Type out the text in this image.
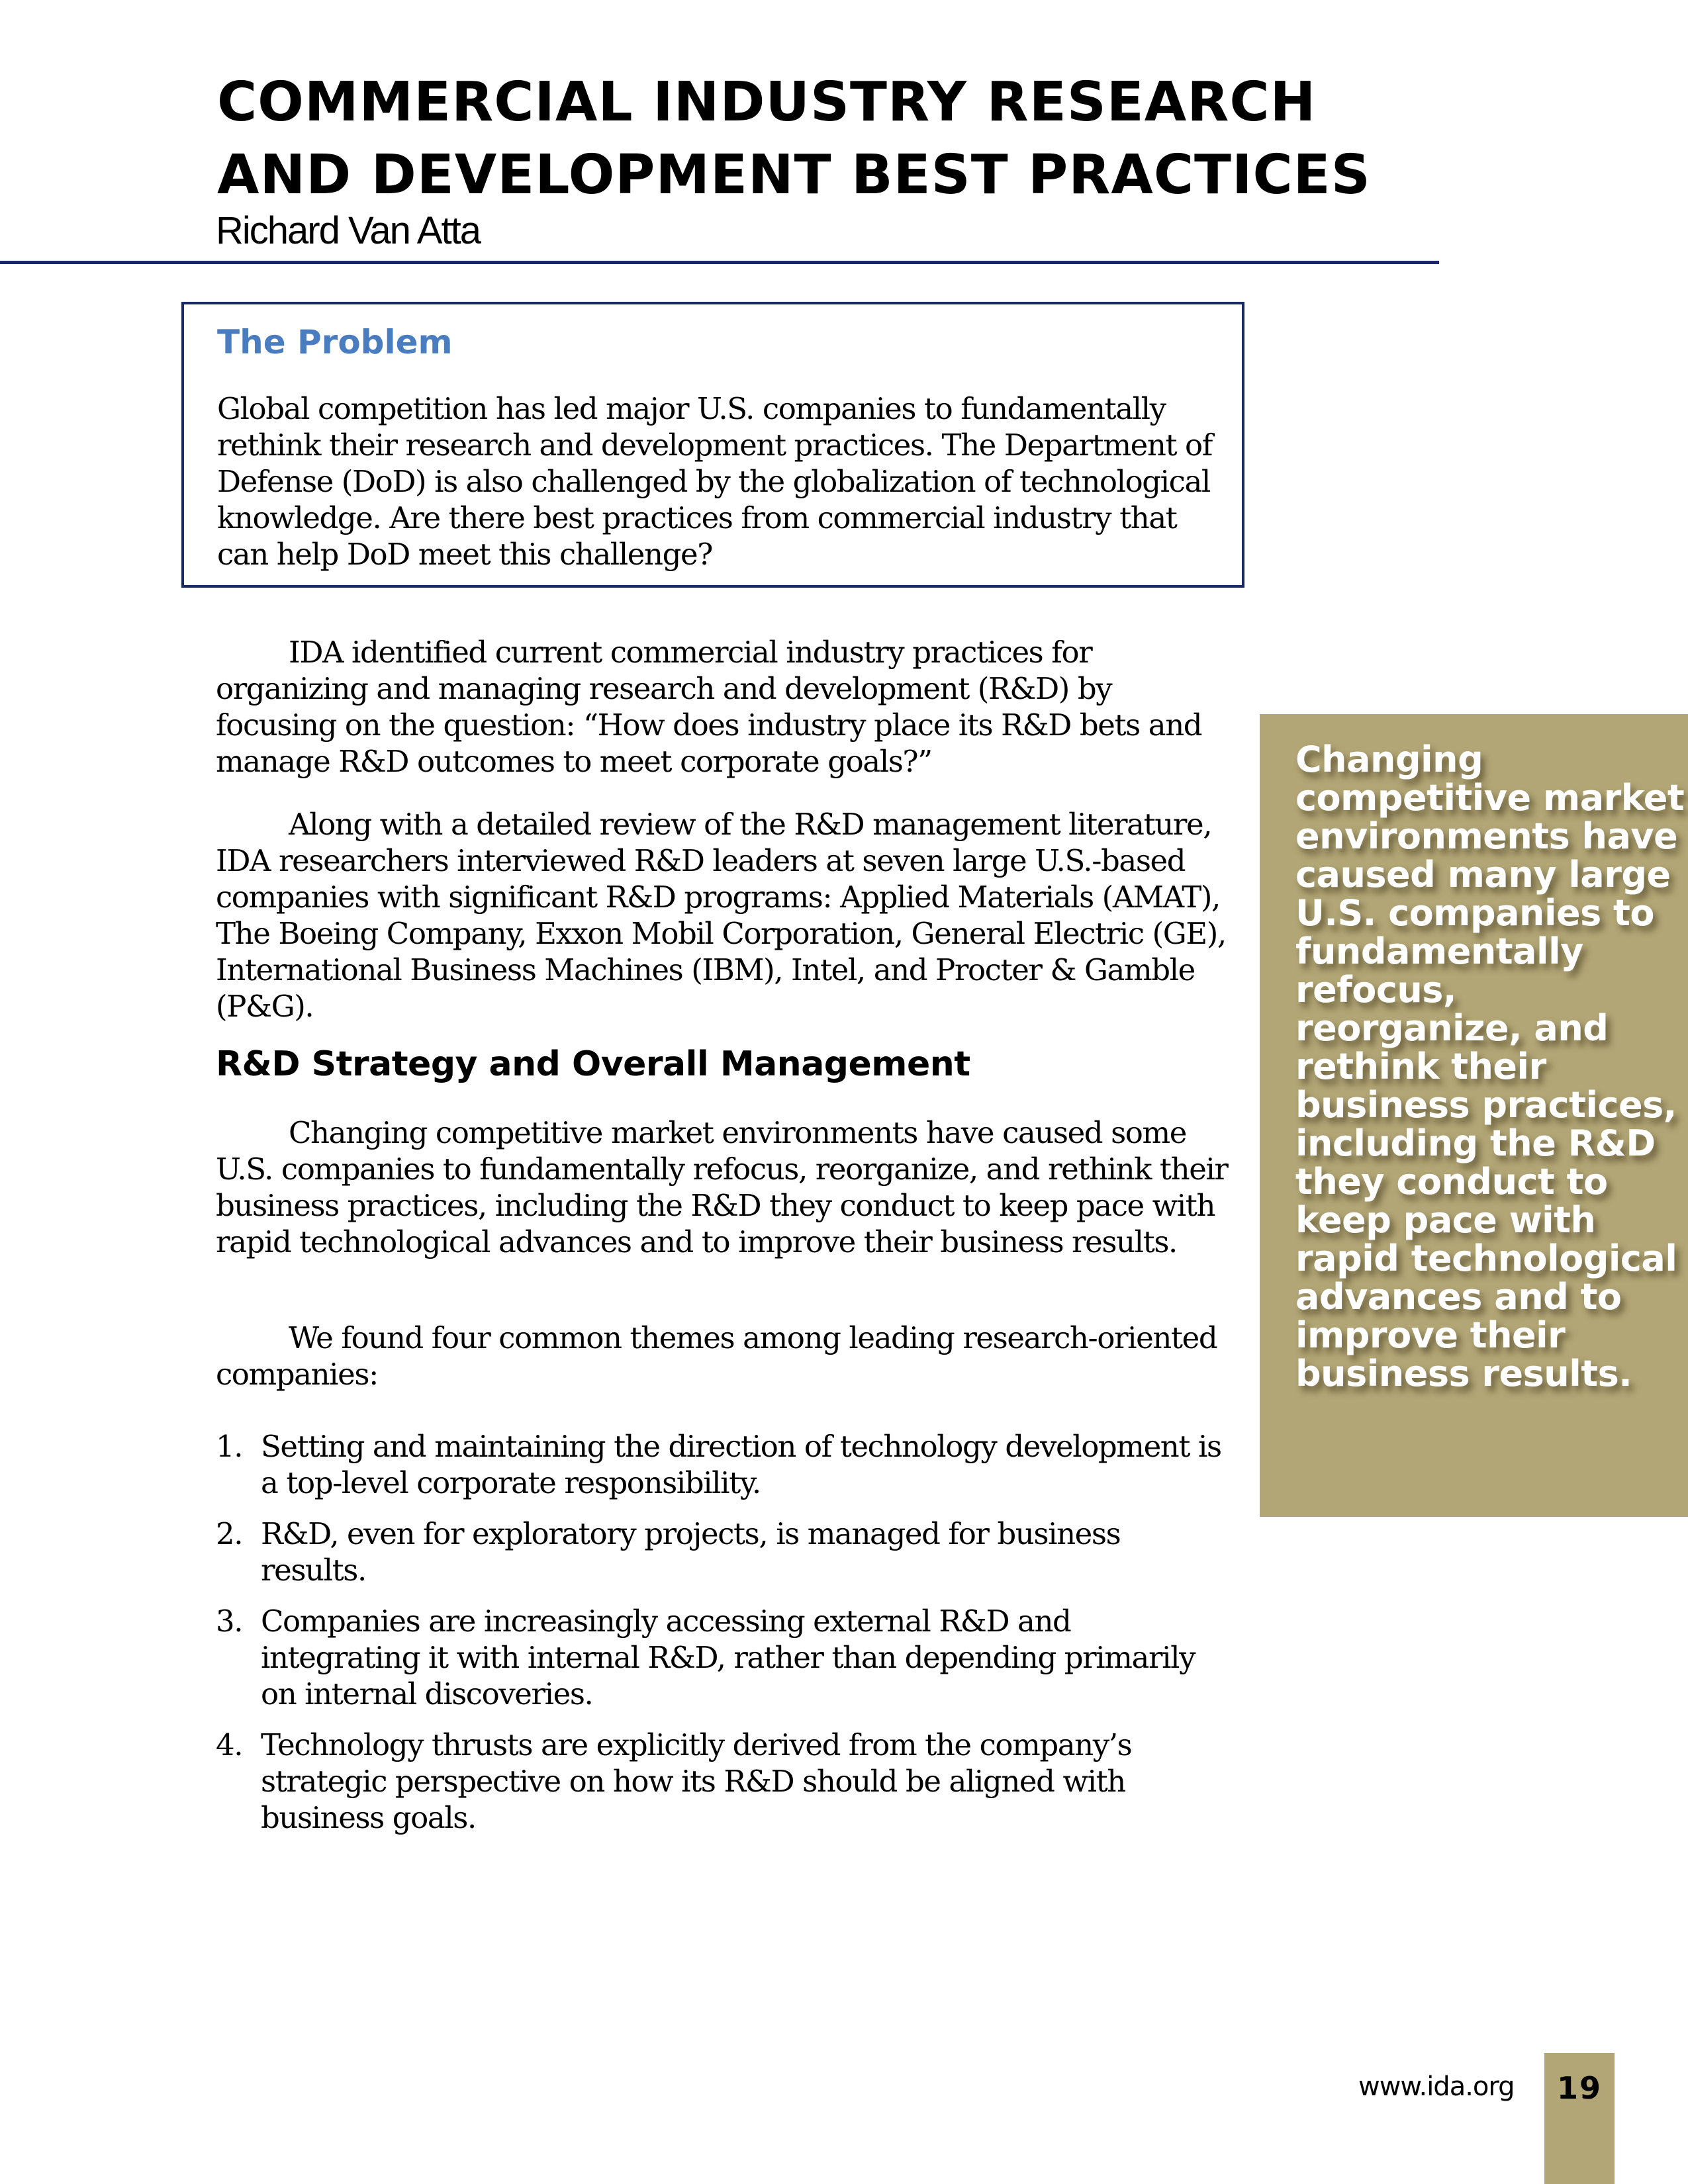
COMMERCIAL INDUSTRY RESEARCH
AND DEVELOPMENT BEST PRACTICES
Richard Van Atta
The Problem

Global competition has led major U.S. companies to fundamentally rethink their research and development practices. The Department of Defense (DoD) is also challenged by the globalization of technological knowledge. Are there best practices from commercial industry that can help DoD meet this challenge?

IDA identified current commercial industry practices for organizing and managing research and development (R&D) by focusing on the question: “How does industry place its R&D bets and manage R&D outcomes to meet corporate goals?”

Along with a detailed review of the R&D management literature, IDA researchers interviewed R&D leaders at seven large U.S.-based companies with significant R&D programs: Applied Materials (AMAT), The Boeing Company, Exxon Mobil Corporation, General Electric (GE), International Business Machines (IBM), Intel, and Procter & Gamble (P&G).

R&D Strategy and Overall Management

Changing competitive market environments have caused some U.S. companies to fundamentally refocus, reorganize, and rethink their business practices, including the R&D they conduct to keep pace with rapid technological advances and to improve their business results.

We found four common themes among leading research-oriented companies:

1. Setting and maintaining the direction of technology development is a top-level corporate responsibility.
2. R&D, even for exploratory projects, is managed for business results.
3. Companies are increasingly accessing external R&D and integrating it with internal R&D, rather than depending primarily on internal discoveries.
4. Technology thrusts are explicitly derived from the company’s strategic perspective on how its R&D should be aligned with business goals.
Changing competitive market environments have caused many large U.S. companies to fundamentally refocus, reorganize, and rethink their business practices, including the R&D they conduct to keep pace with rapid technological advances and to improve their business results.
www.ida.org	19
